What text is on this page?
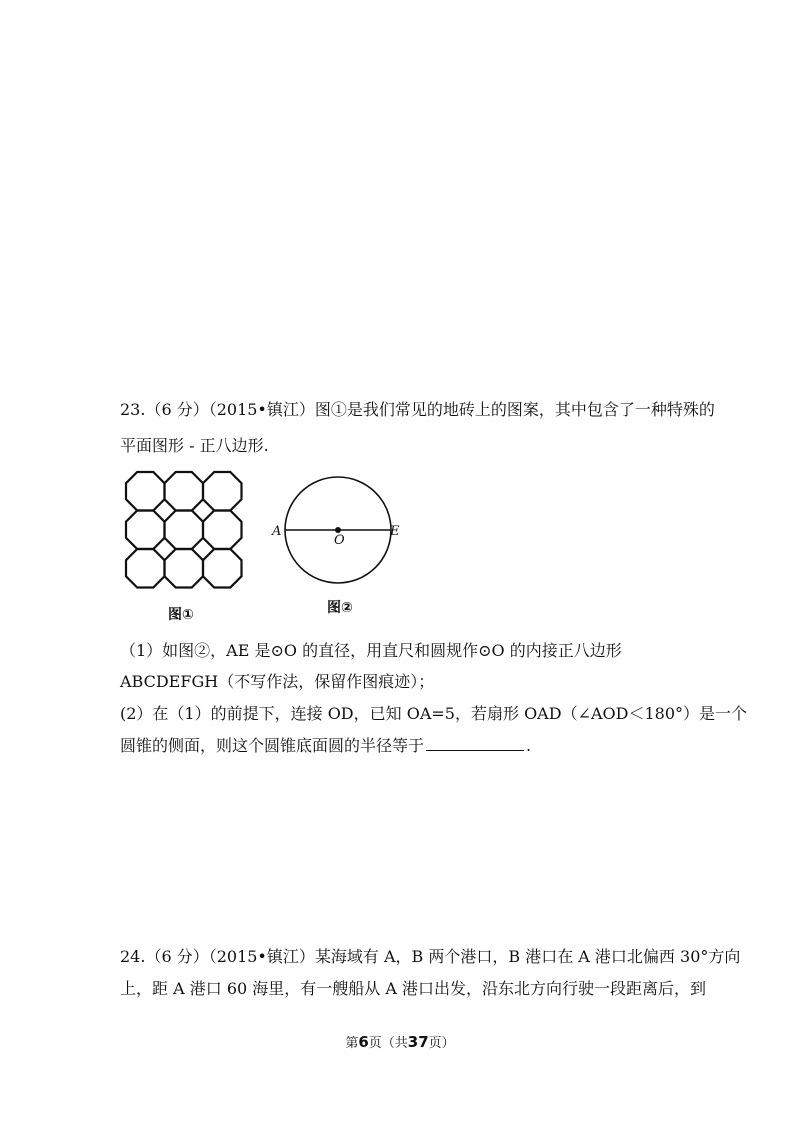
23.（6 分）（2015•镇江）图①是我们常见的地砖上的图案，其中包含了一种特殊的
平面图形 - 正八边形.
图①
A
O
E
图②
（1）如图②，AE 是⊙O 的直径，用直尺和圆规作⊙O 的内接正八边形
ABCDEFGH（不写作法，保留作图痕迹）；
(2）在（1）的前提下，连接 OD，已知 OA=5，若扇形 OAD（∠AOD＜180°）是一个
圆锥的侧面，则这个圆锥底面圆的半径等于	.
24.（6 分）（2015•镇江）某海域有 A，B 两个港口，B 港口在 A 港口北偏西 30°方向
上，距 A 港口 60 海里，有一艘船从 A 港口出发，沿东北方向行驶一段距离后，到
第6页（共37页）
